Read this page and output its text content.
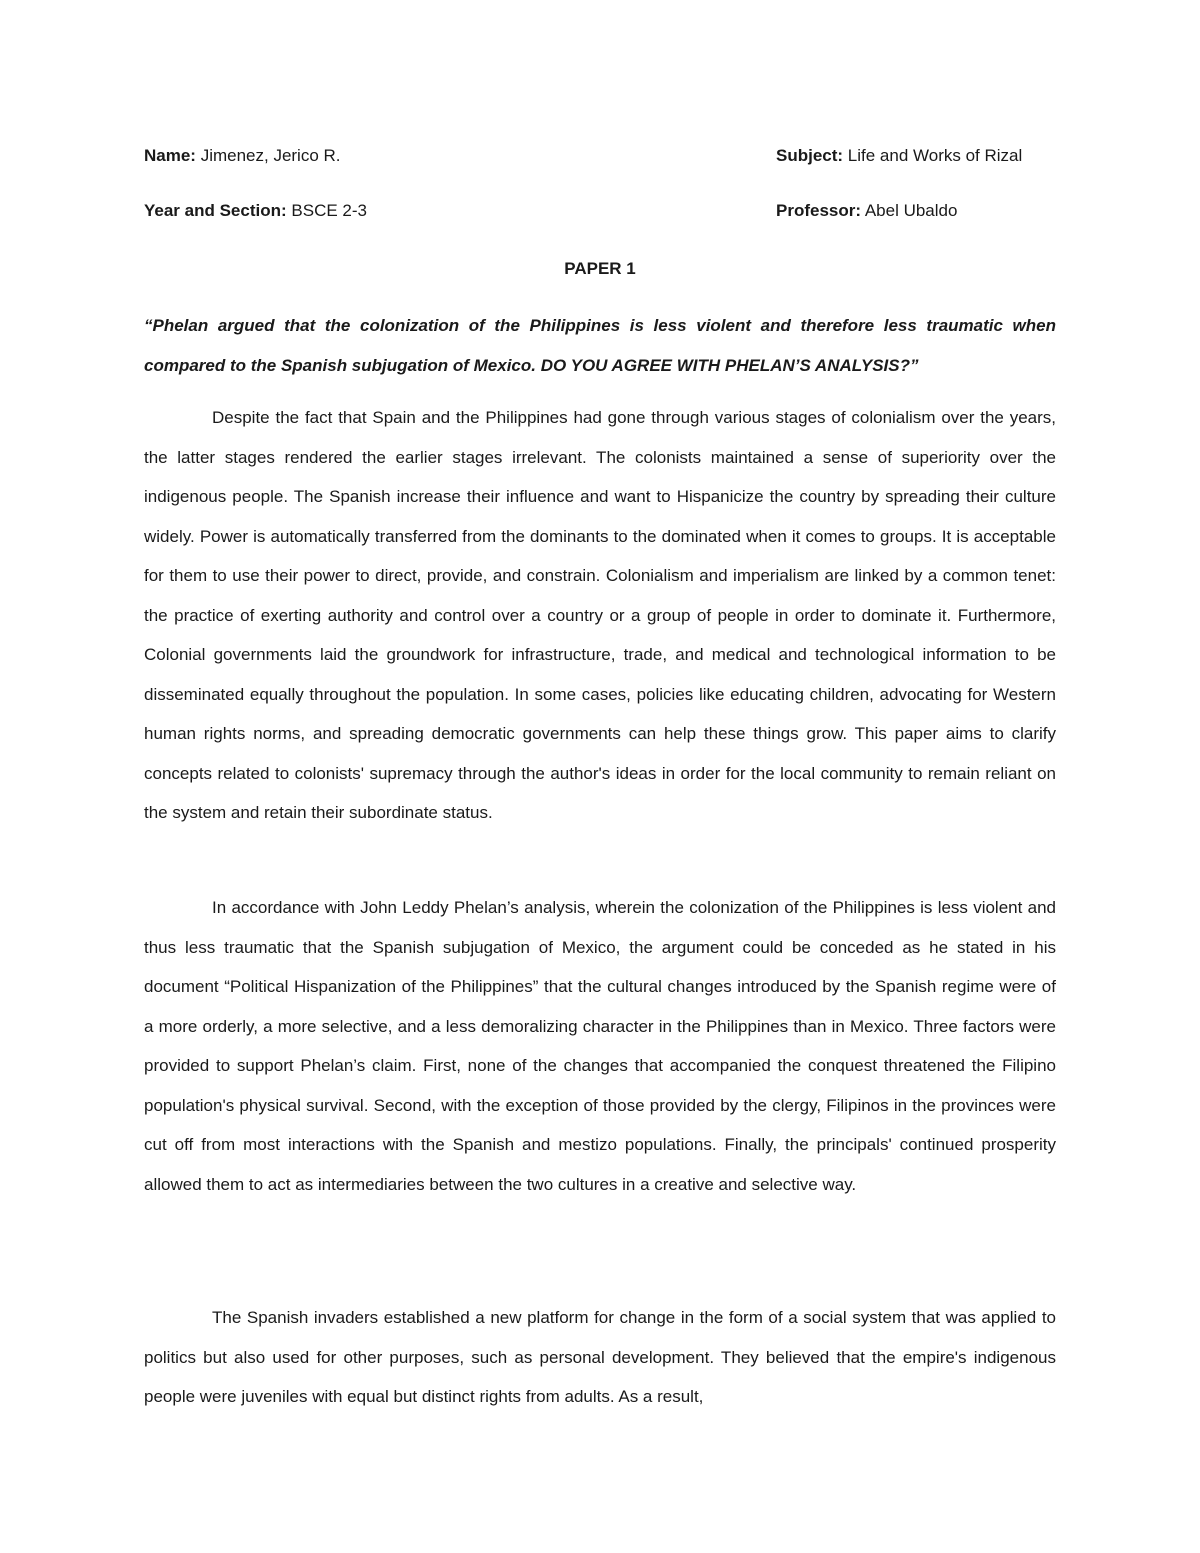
Name: Jimenez, Jerico R.	Subject: Life and Works of Rizal
Year and Section: BSCE 2-3	Professor: Abel Ubaldo
PAPER 1
“Phelan argued that the colonization of the Philippines is less violent and therefore less traumatic when compared to the Spanish subjugation of Mexico. DO YOU AGREE WITH PHELAN’S ANALYSIS?”

Despite the fact that Spain and the Philippines had gone through various stages of colonialism over the years, the latter stages rendered the earlier stages irrelevant. The colonists maintained a sense of superiority over the indigenous people. The Spanish increase their influence and want to Hispanicize the country by spreading their culture widely. Power is automatically transferred from the dominants to the dominated when it comes to groups. It is acceptable for them to use their power to direct, provide, and constrain. Colonialism and imperialism are linked by a common tenet: the practice of exerting authority and control over a country or a group of people in order to dominate it. Furthermore, Colonial governments laid the groundwork for infrastructure, trade, and medical and technological information to be disseminated equally throughout the population. In some cases, policies like educating children, advocating for Western human rights norms, and spreading democratic governments can help these things grow. This paper aims to clarify concepts related to colonists' supremacy through the author's ideas in order for the local community to remain reliant on the system and retain their subordinate status.

In accordance with John Leddy Phelan’s analysis, wherein the colonization of the Philippines is less violent and thus less traumatic that the Spanish subjugation of Mexico, the argument could be conceded as he stated in his document “Political Hispanization of the Philippines” that the cultural changes introduced by the Spanish regime were of a more orderly, a more selective, and a less demoralizing character in the Philippines than in Mexico. Three factors were provided to support Phelan’s claim. First, none of the changes that accompanied the conquest threatened the Filipino population's physical survival. Second, with the exception of those provided by the clergy, Filipinos in the provinces were cut off from most interactions with the Spanish and mestizo populations. Finally, the principals' continued prosperity allowed them to act as intermediaries between the two cultures in a creative and selective way.

The Spanish invaders established a new platform for change in the form of a social system that was applied to politics but also used for other purposes, such as personal development. They believed that the empire's indigenous people were juveniles with equal but distinct rights from adults. As a result,
